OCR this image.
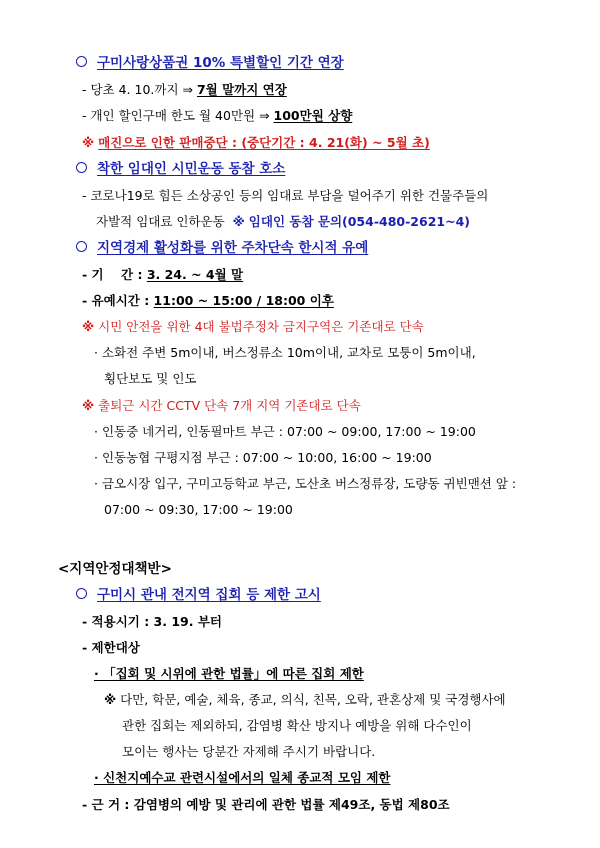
구미사랑상품권 10% 특별할인 기간 연장
- 당초 4. 10.까지 ⇒ 7월 말까지 연장
- 개인 할인구매 한도 월 40만원 ⇒ 100만원 상향
※ 매진으로 인한 판매중단 : (중단기간 : 4. 21(화) ~ 5월 초)
착한 임대인 시민운동 동참 호소
- 코로나19로 힘든 소상공인 등의 임대료 부담을 덜어주기 위한 건물주들의
자발적 임대료 인하운동 ※ 임대인 동참 문의(054-480-2621~4)
지역경제 활성화를 위한 주차단속 한시적 유예
- 기    간 : 3. 24. ~ 4월 말
- 유예시간 : 11:00 ~ 15:00 / 18:00 이후
※ 시민 안전을 위한 4대 불법주정차 금지구역은 기존대로 단속
· 소화전 주변 5m이내, 버스정류소 10m이내, 교차로 모퉁이 5m이내,
횡단보도 및 인도
※ 출퇴근 시간 CCTV 단속 7개 지역 기존대로 단속
· 인동중 네거리, 인동필마트 부근 : 07:00 ~ 09:00, 17:00 ~ 19:00
· 인동농협 구평지점 부근 : 07:00 ~ 10:00, 16:00 ~ 19:00
· 금오시장 입구, 구미고등학교 부근, 도산초 버스정류장, 도량동 귀빈맨션 앞 :
07:00 ~ 09:30, 17:00 ~ 19:00
<지역안정대책반>
구미시 관내 전지역 집회 등 제한 고시
- 적용시기 : 3. 19. 부터
- 제한대상
· 「집회 및 시위에 관한 법률」에 따른 집회 제한
※ 다만, 학문, 예술, 체육, 종교, 의식, 친목, 오락, 관혼상제 및 국경행사에
관한 집회는 제외하되, 감염병 확산 방지나 예방을 위해 다수인이
모이는 행사는 당분간 자제해 주시기 바랍니다.
· 신천지예수교 관련시설에서의 일체 종교적 모임 제한
- 근 거 : 감염병의 예방 및 관리에 관한 법률 제49조, 동법 제80조
